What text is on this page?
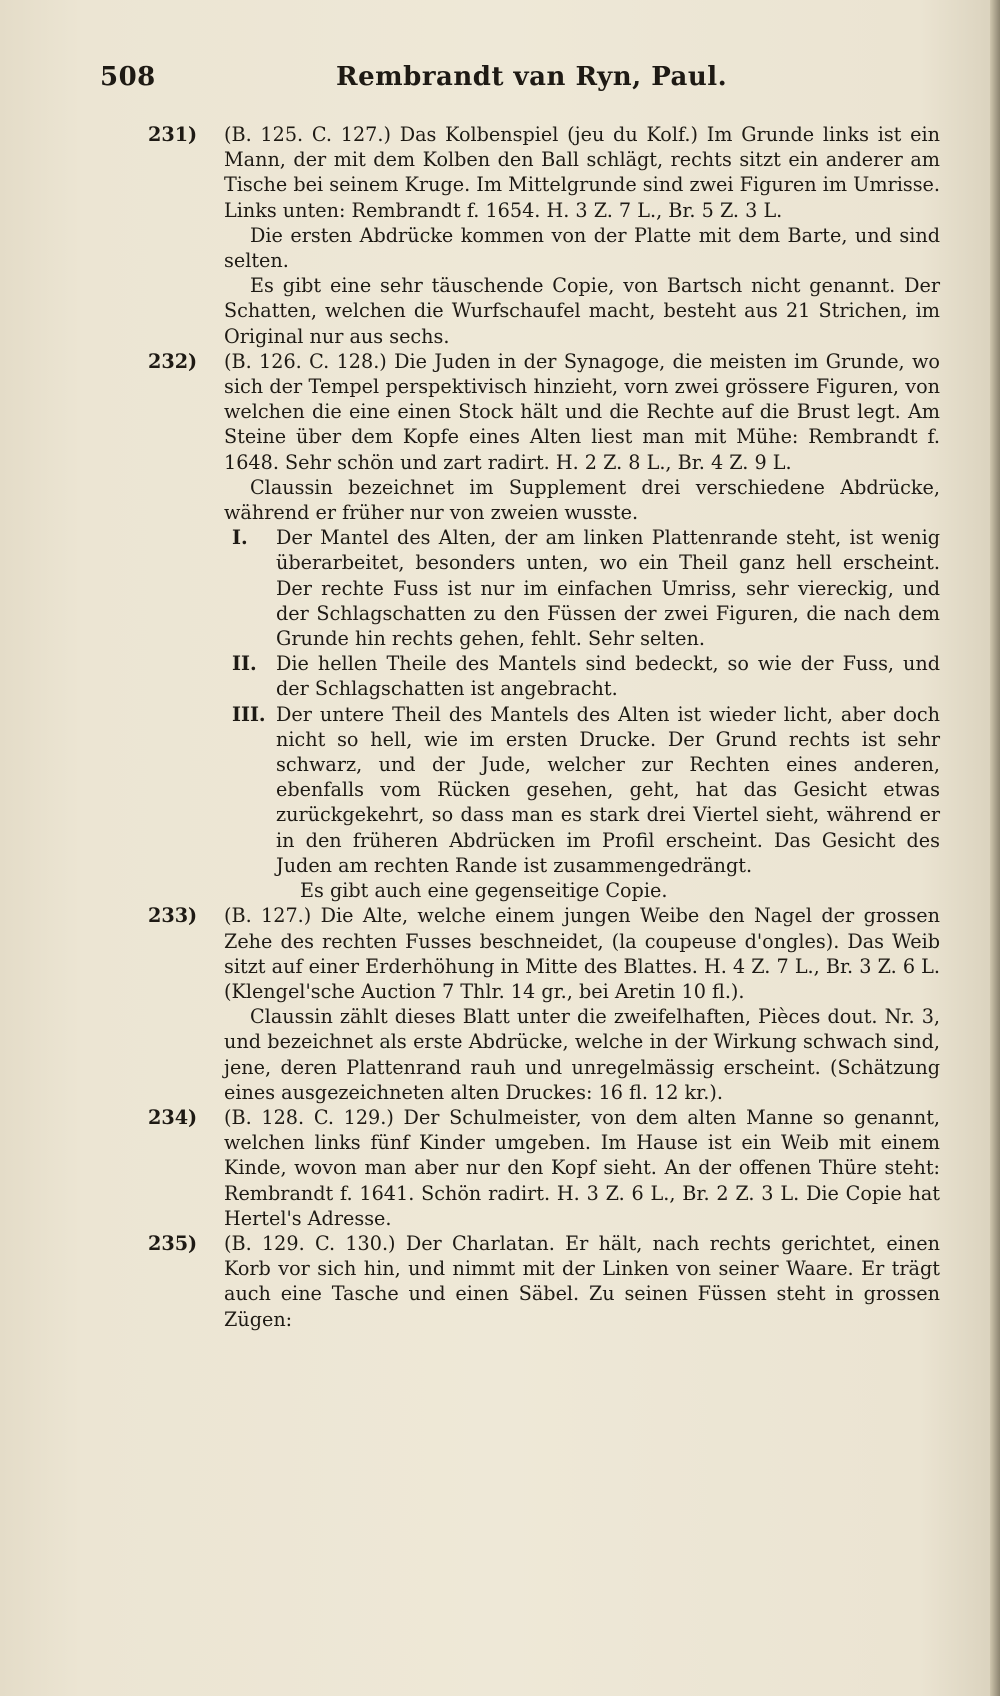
508	Rembrandt van Ryn, Paul.
231) (B. 125. C. 127.) Das Kolbenspiel (jeu du Kolf.) Im Grunde links ist ein Mann, der mit dem Kolben den Ball schlägt, rechts sitzt ein anderer am Tische bei seinem Kruge. Im Mittelgrunde sind zwei Figuren im Umrisse. Links unten: Rembrandt f. 1654. H. 3 Z. 7 L., Br. 5 Z. 3 L.

Die ersten Abdrücke kommen von der Platte mit dem Barte, und sind selten.

Es gibt eine sehr täuschende Copie, von Bartsch nicht genannt. Der Schatten, welchen die Wurfschaufel macht, besteht aus 21 Strichen, im Original nur aus sechs.

232) (B. 126. C. 128.) Die Juden in der Synagoge, die meisten im Grunde, wo sich der Tempel perspektivisch hinzieht, vorn zwei grössere Figuren, von welchen die eine einen Stock hält und die Rechte auf die Brust legt. Am Steine über dem Kopfe eines Alten liest man mit Mühe: Rembrandt f. 1648. Sehr schön und zart radirt. H. 2 Z. 8 L., Br. 4 Z. 9 L.

Claussin bezeichnet im Supplement drei verschiedene Abdrücke, während er früher nur von zweien wusste.

I. Der Mantel des Alten, der am linken Plattenrande steht, ist wenig überarbeitet, besonders unten, wo ein Theil ganz hell erscheint. Der rechte Fuss ist nur im einfachen Umriss, sehr viereckig, und der Schlagschatten zu den Füssen der zwei Figuren, die nach dem Grunde hin rechts gehen, fehlt. Sehr selten.

II. Die hellen Theile des Mantels sind bedeckt, so wie der Fuss, und der Schlagschatten ist angebracht.

III. Der untere Theil des Mantels des Alten ist wieder licht, aber doch nicht so hell, wie im ersten Drucke. Der Grund rechts ist sehr schwarz, und der Jude, welcher zur Rechten eines anderen, ebenfalls vom Rücken gesehen, geht, hat das Gesicht etwas zurückgekehrt, so dass man es stark drei Viertel sieht, während er in den früheren Abdrücken im Profil erscheint. Das Gesicht des Juden am rechten Rande ist zusammengedrängt.

Es gibt auch eine gegenseitige Copie.

233) (B. 127.) Die Alte, welche einem jungen Weibe den Nagel der grossen Zehe des rechten Fusses beschneidet, (la coupeuse d'ongles). Das Weib sitzt auf einer Erderhöhung in Mitte des Blattes. H. 4 Z. 7 L., Br. 3 Z. 6 L. (Klengel'sche Auction 7 Thlr. 14 gr., bei Aretin 10 fl.).

Claussin zählt dieses Blatt unter die zweifelhaften, Pièces dout. Nr. 3, und bezeichnet als erste Abdrücke, welche in der Wirkung schwach sind, jene, deren Plattenrand rauh und unregelmässig erscheint. (Schätzung eines ausgezeichneten alten Druckes: 16 fl. 12 kr.).

234) (B. 128. C. 129.) Der Schulmeister, von dem alten Manne so genannt, welchen links fünf Kinder umgeben. Im Hause ist ein Weib mit einem Kinde, wovon man aber nur den Kopf sieht. An der offenen Thüre steht: Rembrandt f. 1641. Schön radirt. H. 3 Z. 6 L., Br. 2 Z. 3 L. Die Copie hat Hertel's Adresse.

235) (B. 129. C. 130.) Der Charlatan. Er hält, nach rechts gerichtet, einen Korb vor sich hin, und nimmt mit der Linken von seiner Waare. Er trägt auch eine Tasche und einen Säbel. Zu seinen Füssen steht in grossen Zügen:
